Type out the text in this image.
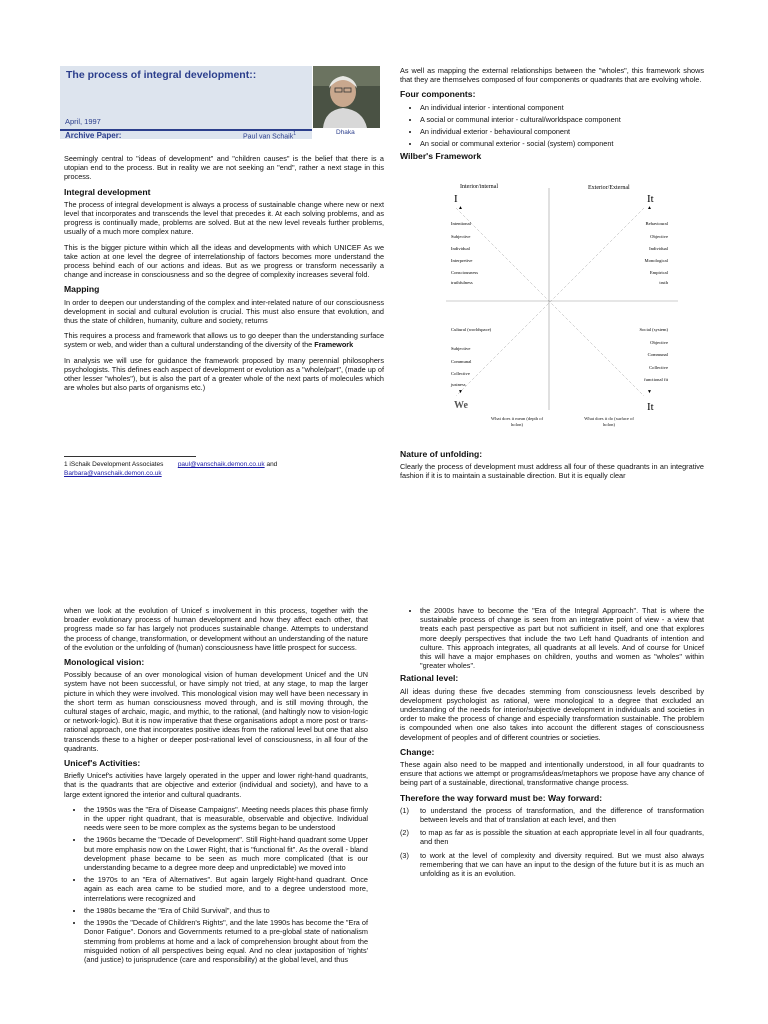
The process of integral development::
April, 1997
Archive Paper:	Paul van Schaik$^1$	Dhaka

Seemingly central to "ideas of development" and "children causes" is the belief that there is a utopian end to the process. But in reality we are not seeking an "end", rather a next stage in this process.

Integral development

The process of integral development is always a process of sustainable change where new or next level that incorporates and transcends the level that precedes it. At each solving problems, and as progress is continually made, problems are solved. But at the new level reveals further problems, usually of a much more complex nature.

This is the bigger picture within which all the ideas and developments with which UNICEF As we take action at one level the degree of interrelationship of factors becomes more understand the process behind each of our actions and ideas. But as we progress or transform necessarily a change and increase in consciousness and so the degree of complexity increases several fold.

Mapping

In order to deepen our understanding of the complex and inter-related nature of our consciousness development in social and cultural evolution is crucial. This must also ensure that evolution, and thus the state of children, humanity, culture and society, returns

This requires a process and framework that allows us to go deeper than the understanding surface system or web, and wider than a cultural understanding of the diversity of the Framework

In analysis we will use for guidance the framework proposed by many perennial philosophers psychologists. This defines each aspect of development or evolution as a "whole/part", (made up of other lesser "wholes"), but is also the part of a greater whole of the next parts of molecules which are wholes but also parts of organisms etc.)

1 iSchaik Development Associates paul@vanschaik.demon.co.uk and
Barbara@vanschaik.demon.co.uk

As well as mapping the external relationships between the "wholes", this framework shows that they are themselves composed of four components or quadrants that are evolving whole.

Four components:
• An individual interior - intentional component
• A social or communal interior - cultural/worldspace component
• An individual exterior - behavioural component
• An social or communal exterior - social (system) component
Wilber's Framework
Interior/internal	Exterior/External
I	It
▲	▲
Intentional
Subjective
Individual
Interpretive
Consciousness
truthfulness
Behavioural
Objective
Individual
Monological
Empirical
truth
Cultural (worldspace)
Subjective
Communal
Collective
justness
Social (system)
Objective
Communal
Collective
functional fit
▼	▼
We	It
What does it mean (depth of holon)
What does it do (surface of holon)
Nature of unfolding:

Clearly the process of development must address all four of these quadrants in an integrative fashion if it is to maintain a sustainable direction. But it is equally clear

when we look at the evolution of Unicef s involvement in this process, together with the broader evolutionary process of human development and how they affect each other, that progress made so far has largely not produces sustainable change. Attempts to understand the process of change, transformation, or development without an understanding of the nature of the evolution or the unfolding of (human) consciousness have little prospect for success.

Monological vision:

Possibly because of an over monological vision of human development Unicef and the UN system have not been successful, or have simply not tried, at any stage, to map the larger picture in which they were involved. This monological vision may well have been necessary in the short term as human consciousness moved through, and is still moving through, the cultural stages of archaic, magic, and mythic, to the rational, (and haltingly now to vision-logic or network-logic). But it is now imperative that these organisations adopt a more post or trans-rational approach, one that incorporates positive ideas from the rational level but one that also transcends these to a higher or deeper post-rational level of consciousness, in all four of the quadrants.

Unicef's Activities:

Briefly Unicef's activities have largely operated in the upper and lower right-hand quadrants, that is the quadrants that are objective and exterior (individual and society), and have to a large extent ignored the interior and cultural quadrants.

• the 1950s was the "Era of Disease Campaigns". Meeting needs places this phase firmly in the upper right quadrant, that is measurable, observable and objective. Individual needs were seen to be more complex as the systems began to be understood
• the 1960s became the "Decade of Development". Still Right-hand quadrant some Upper but more emphasis now on the Lower Right, that is "functional fit". As the overall - bland development phase became to be seen as much more complicated (that is our understanding became to a degree more deep and unpredictable) we moved into
• the 1970s to an "Era of Alternatives". But again largely Right-hand quadrant. Once again as each area came to be studied more, and to a degree understood more, interrelations were recognized and
• the 1980s became the "Era of Child Survival", and thus to
• the 1990s the "Decade of Children's Rights", and the late 1990s has become the "Era of Donor Fatigue". Donors and Governments returned to a pre-global state of nationalism stemming from problems at home and a lack of comprehension brought about from the misguided notion of all perspectives being equal. And no clear juxtaposition of 'rights' (and justice) to jurisprudence (care and responsibility) at the global level, and thus
• the 2000s have to become the "Era of the Integral Approach". That is where the sustainable process of change is seen from an integrative point of view - a view that treats each past perspective as part but not sufficient in itself, and one that explores more deeply perspectives that include the two Left hand Quadrants of intention and culture. This approach integrates, all quadrants at all levels. And of course for Unicef this will have a major emphases on children, youths and women as "wholes" within "greater wholes".
Rational level:

All ideas during these five decades stemming from consciousness levels described by development psychologist as rational, were monological to a degree that excluded an understanding of the needs for interior/subjective development in individuals and societies in order to make the process of change and especially transformation sustainable. The problem is compounded when one also takes into account the different stages of consciousness development of peoples and of different countries or societies.

Change:

These again also need to be mapped and intentionally understood, in all four quadrants to ensure that actions we attempt or programs/ideas/metaphors we propose have any chance of being part of a sustainable, directional, transformative change process.

Therefore the way forward must be: Way forward:
(1)	to understand the process of transformation, and the difference of transformation between levels and that of translation at each level, and then
(2)	to map as far as is possible the situation at each appropriate level in all four quadrants, and then
(3)	to work at the level of complexity and diversity required. But we must also always remembering that we can have an input to the design of the future but it is as much an unfolding as it is an evolution.
